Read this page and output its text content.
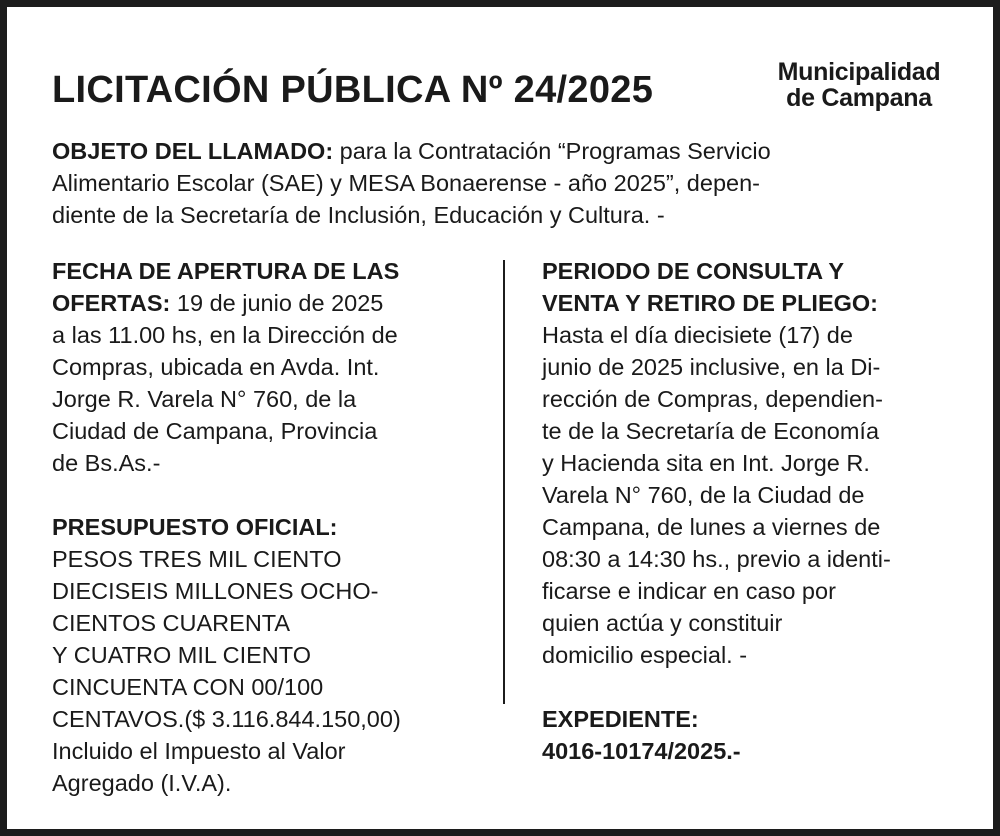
LICITACIÓN PÚBLICA Nº 24/2025	Municipalidad
de Campana
OBJETO DEL LLAMADO: para la Contratación “Programas Servicio
Alimentario Escolar (SAE) y MESA Bonaerense - año 2025”, depen-
diente de la Secretaría de Inclusión, Educación y Cultura. -
FECHA DE APERTURA DE LAS
OFERTAS: 19 de junio de 2025
a las 11.00 hs, en la Dirección de
Compras, ubicada en Avda. Int.
Jorge R. Varela N° 760, de la
Ciudad de Campana, Provincia
de Bs.As.-
PRESUPUESTO OFICIAL:
PESOS TRES MIL CIENTO
DIECISEIS MILLONES OCHO-
CIENTOS CUARENTA
Y CUATRO MIL CIENTO
CINCUENTA CON 00/100
CENTAVOS.($ 3.116.844.150,00)
Incluido el Impuesto al Valor
Agregado (I.V.A).
PERIODO DE CONSULTA Y
VENTA Y RETIRO DE PLIEGO:
Hasta el día diecisiete (17) de
junio de 2025 inclusive, en la Di-
rección de Compras, dependien-
te de la Secretaría de Economía
y Hacienda sita en Int. Jorge R.
Varela N° 760, de la Ciudad de
Campana, de lunes a viernes de
08:30 a 14:30 hs., previo a identi-
ficarse e indicar en caso por
quien actúa y constituir
domicilio especial. -
EXPEDIENTE:
4016-10174/2025.-
